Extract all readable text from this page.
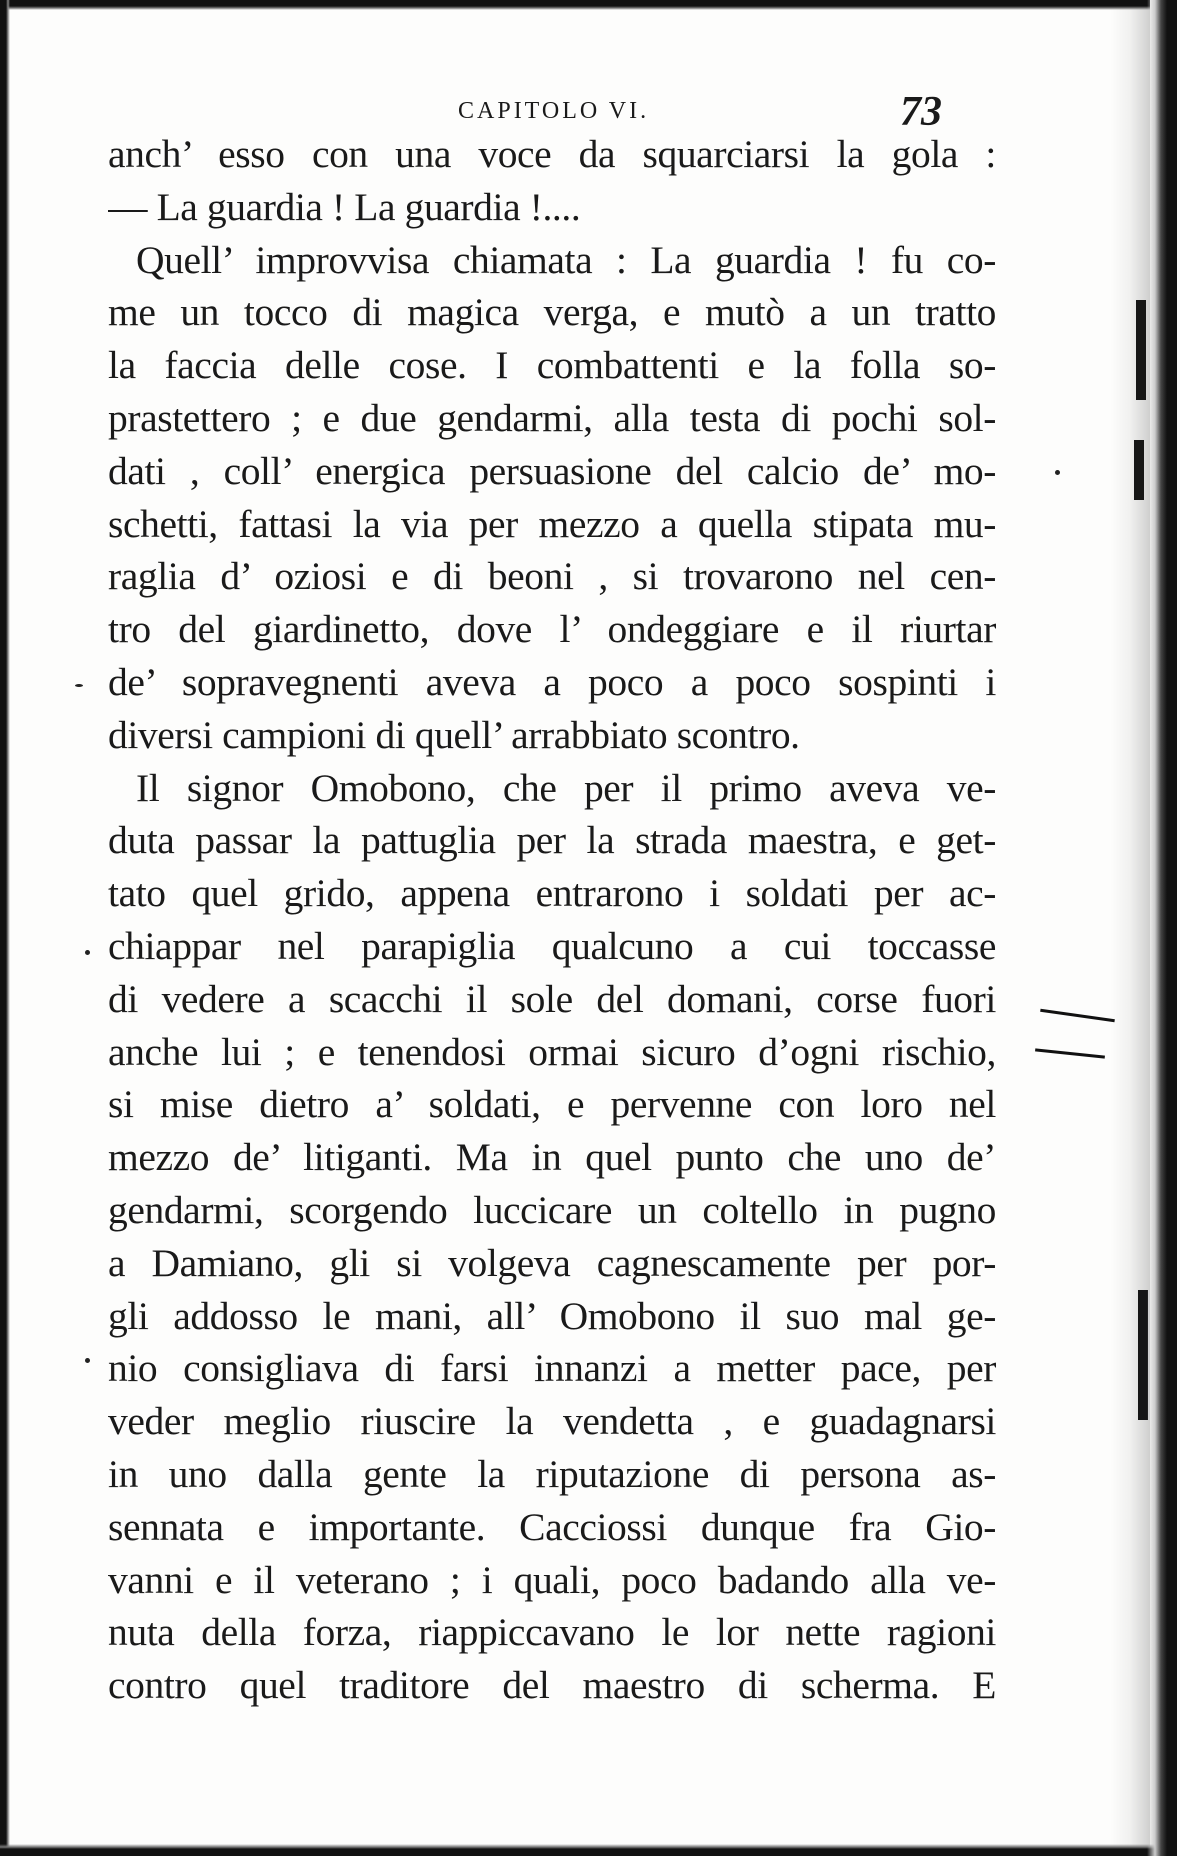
CAPITOLO VI.	73
anch’ esso con una voce da squarciarsi la gola :
— La guardia ! La guardia !....
Quell’ improvvisa chiamata : La guardia ! fu co-
me un tocco di magica verga, e mutò a un tratto
la faccia delle cose. I combattenti e la folla so-
prastettero ; e due gendarmi, alla testa di pochi sol-
dati , coll’ energica persuasione del calcio de’ mo-
schetti, fattasi la via per mezzo a quella stipata mu-
raglia d’ oziosi e di beoni , si trovarono nel cen-
tro del giardinetto, dove l’ ondeggiare e il riurtar
de’ sopravegnenti aveva a poco a poco sospinti i
diversi campioni di quell’ arrabbiato scontro.
Il signor Omobono, che per il primo aveva ve-
duta passar la pattuglia per la strada maestra, e get-
tato quel grido, appena entrarono i soldati per ac-
chiappar nel parapiglia qualcuno a cui toccasse
di vedere a scacchi il sole del domani, corse fuori
anche lui ; e tenendosi ormai sicuro d’ogni rischio,
si mise dietro a’ soldati, e pervenne con loro nel
mezzo de’ litiganti. Ma in quel punto che uno de’
gendarmi, scorgendo luccicare un coltello in pugno
a Damiano, gli si volgeva cagnescamente per por-
gli addosso le mani, all’ Omobono il suo mal ge-
nio consigliava di farsi innanzi a metter pace, per
veder meglio riuscire la vendetta , e guadagnarsi
in uno dalla gente la riputazione di persona as-
sennata e importante. Cacciossi dunque fra Gio-
vanni e il veterano ; i quali, poco badando alla ve-
nuta della forza, riappiccavano le lor nette ragioni
contro quel traditore del maestro di scherma. E
